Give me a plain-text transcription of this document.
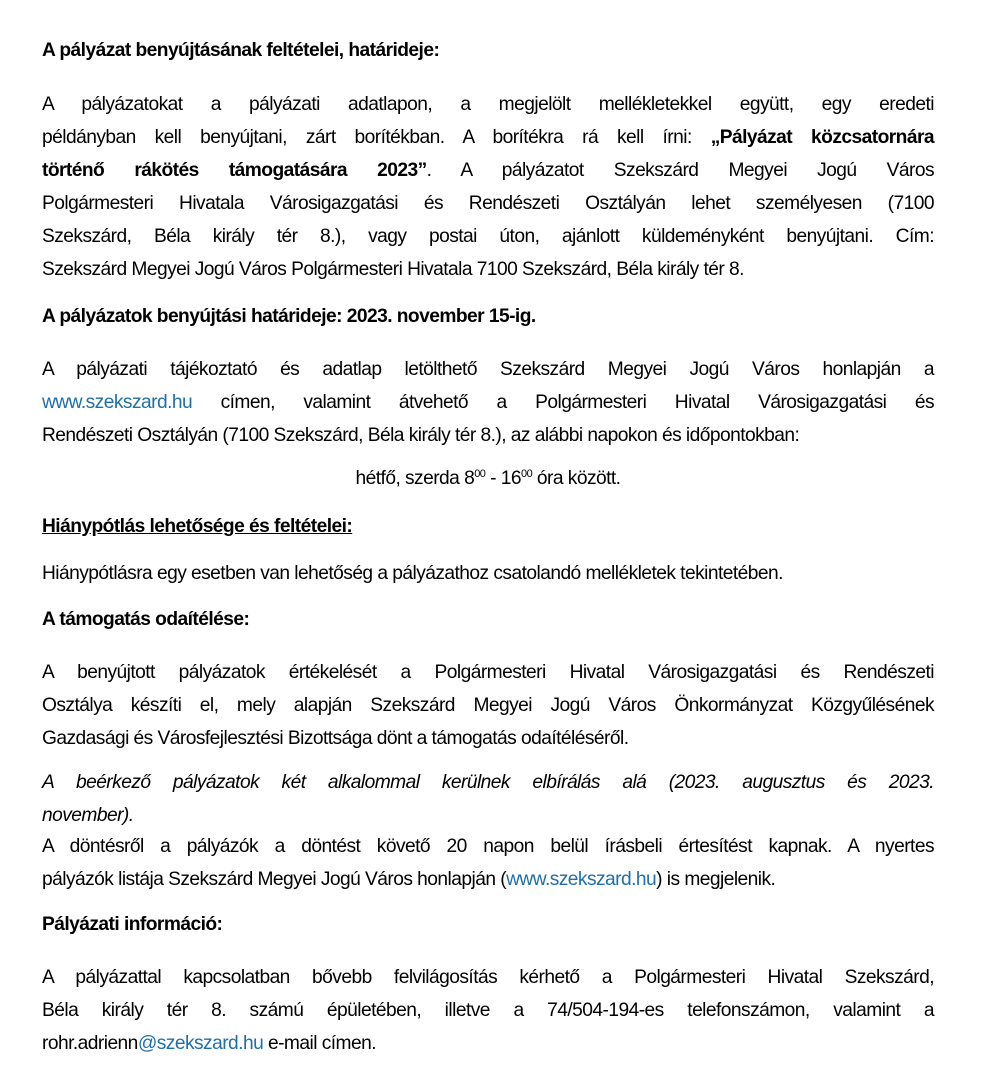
A pályázat benyújtásának feltételei, határideje:
A pályázatokat a pályázati adatlapon, a megjelölt mellékletekkel együtt, egy eredeti
példányban kell benyújtani, zárt borítékban. A borítékra rá kell írni: „Pályázat közcsatornára
történő rákötés támogatására 2023”. A pályázatot Szekszárd Megyei Jogú Város
Polgármesteri Hivatala Városigazgatási és Rendészeti Osztályán lehet személyesen (7100
Szekszárd, Béla király tér 8.), vagy postai úton, ajánlott küldeményként benyújtani. Cím:
Szekszárd Megyei Jogú Város Polgármesteri Hivatala 7100 Szekszárd, Béla király tér 8.
A pályázatok benyújtási határideje: 2023. november 15-ig.
A pályázati tájékoztató és adatlap letölthető Szekszárd Megyei Jogú Város honlapján a
www.szekszard.hu címen, valamint átvehető a Polgármesteri Hivatal Városigazgatási és
Rendészeti Osztályán (7100 Szekszárd, Béla király tér 8.), az alábbi napokon és időpontokban:
hétfő, szerda $8^{00} - 16^{00}$ óra között.
Hiánypótlás lehetősége és feltételei:
Hiánypótlásra egy esetben van lehetőség a pályázathoz csatolandó mellékletek tekintetében.
A támogatás odaítélése:
A benyújtott pályázatok értékelését a Polgármesteri Hivatal Városigazgatási és Rendészeti
Osztálya készíti el, mely alapján Szekszárd Megyei Jogú Város Önkormányzat Közgyűlésének
Gazdasági és Városfejlesztési Bizottsága dönt a támogatás odaítéléséről.
A beérkező pályázatok két alkalommal kerülnek elbírálás alá (2023. augusztus és 2023.
november).
A döntésről a pályázók a döntést követő 20 napon belül írásbeli értesítést kapnak. A nyertes
pályázók listája Szekszárd Megyei Jogú Város honlapján (www.szekszard.hu) is megjelenik.
Pályázati információ:
A pályázattal kapcsolatban bővebb felvilágosítás kérhető a Polgármesteri Hivatal Szekszárd,
Béla király tér 8. számú épületében, illetve a 74/504-194-es telefonszámon, valamint a
rohr.adrienn@szekszard.hu e-mail címen.
